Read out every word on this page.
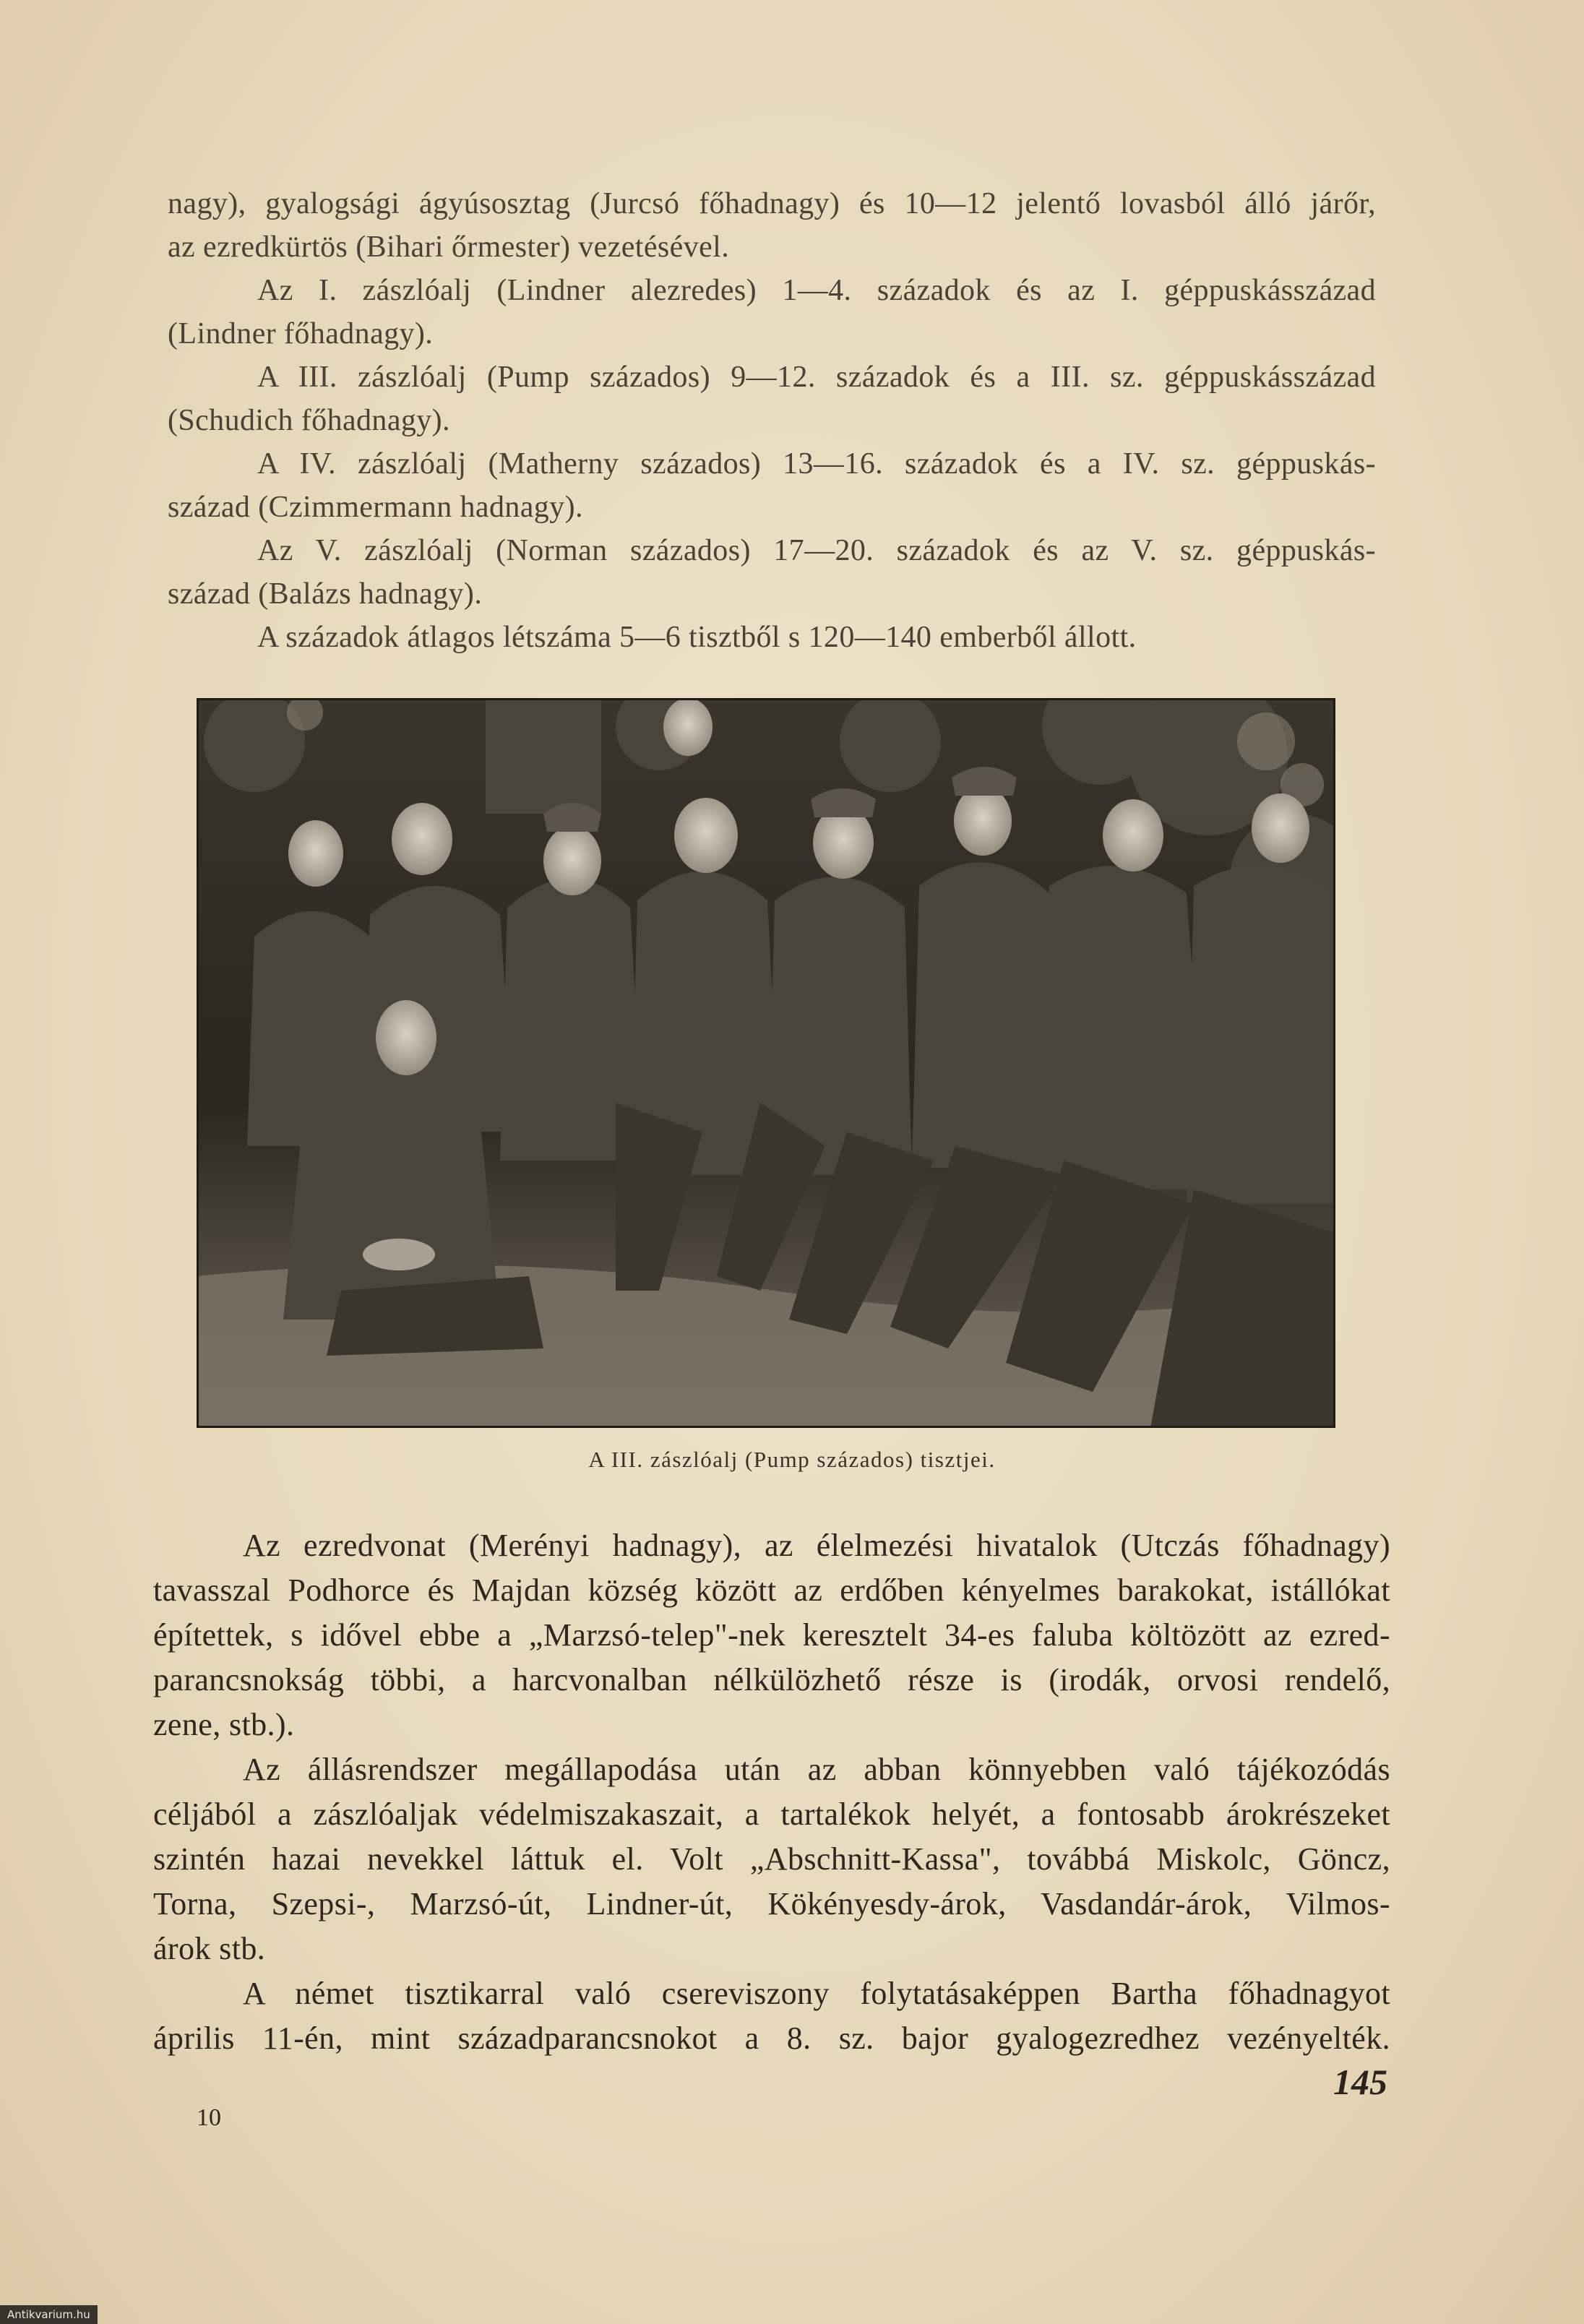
nagy), gyalogsági ágyúsosztag (Jurcsó főhadnagy) és 10—12 jelentő lovasból álló járőr,
az ezredkürtös (Bihari őrmester) vezetésével.
Az I. zászlóalj (Lindner alezredes) 1—4. századok és az I. géppuskásszázad
(Lindner főhadnagy).
A III. zászlóalj (Pump százados) 9—12. századok és a III. sz. géppuskásszázad
(Schudich főhadnagy).
A IV. zászlóalj (Matherny százados) 13—16. századok és a IV. sz. géppuskás-
század (Czimmermann hadnagy).
Az V. zászlóalj (Norman százados) 17—20. századok és az V. sz. géppuskás-
század (Balázs hadnagy).
A századok átlagos létszáma 5—6 tisztből s 120—140 emberből állott.
A III. zászlóalj (Pump százados) tisztjei.
Az ezredvonat (Merényi hadnagy), az élelmezési hivatalok (Utczás főhadnagy)
tavasszal Podhorce és Majdan község között az erdőben kényelmes barakokat, istállókat
építettek, s idővel ebbe a „Marzsó-telep"-nek keresztelt 34-es faluba költözött az ezred-
parancsnokság többi, a harcvonalban nélkülözhető része is (irodák, orvosi rendelő,
zene, stb.).
Az állásrendszer megállapodása után az abban könnyebben való tájékozódás
céljából a zászlóaljak védelmiszakaszait, a tartalékok helyét, a fontosabb árokrészeket
szintén hazai nevekkel láttuk el. Volt „Abschnitt-Kassa", továbbá Miskolc, Göncz,
Torna, Szepsi-, Marzsó-út, Lindner-út, Kökényesdy-árok, Vasdandár-árok, Vilmos-
árok stb.
A német tisztikarral való csereviszony folytatásaképpen Bartha főhadnagyot
április 11-én, mint századparancsnokot a 8. sz. bajor gyalogezredhez vezényelték.
145
10
Antikvarium.hu
